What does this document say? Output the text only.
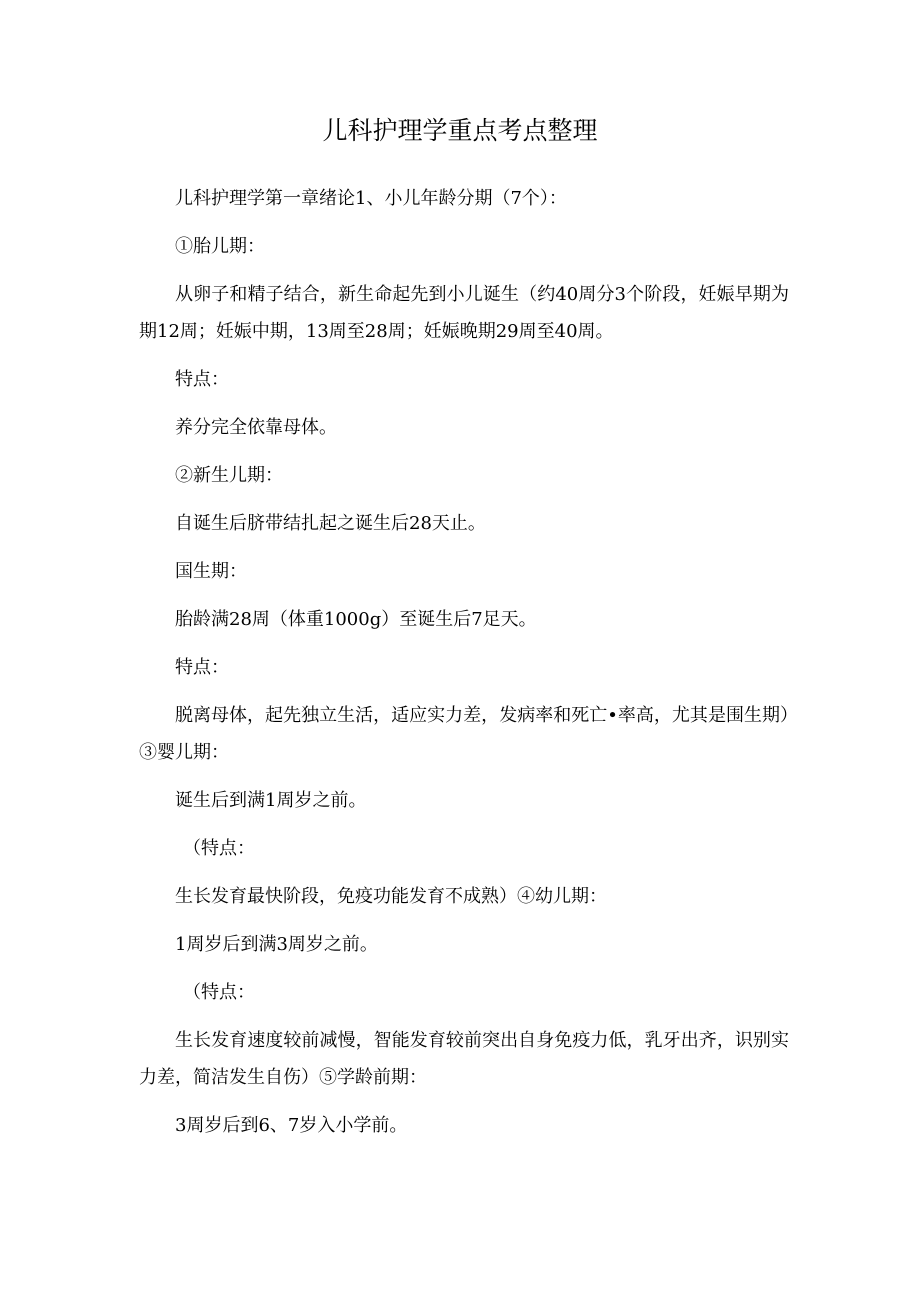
儿科护理学重点考点整理

儿科护理学第一章绪论1、小儿年龄分期（7个）：

①胎儿期：

从卵子和精子结合，新生命起先到小儿诞生（约40周分3个阶段，妊娠早期为期12周；妊娠中期，13周至28周；妊娠晚期29周至40周。

特点：

养分完全依靠母体。

②新生儿期：

自诞生后脐带结扎起之诞生后28天止。

国生期：

胎龄满28周（体重1000g）至诞生后7足天。

特点：

脱离母体，起先独立生活，适应实力差，发病率和死亡•率高，尤其是围生期）③婴儿期：

诞生后到满1周岁之前。

（特点：

生长发育最快阶段，免疫功能发育不成熟）④幼儿期：

1周岁后到满3周岁之前。

（特点：

生长发育速度较前减慢，智能发育较前突出自身免疫力低，乳牙出齐，识别实力差，简洁发生自伤）⑤学龄前期：

3周岁后到6、7岁入小学前。
